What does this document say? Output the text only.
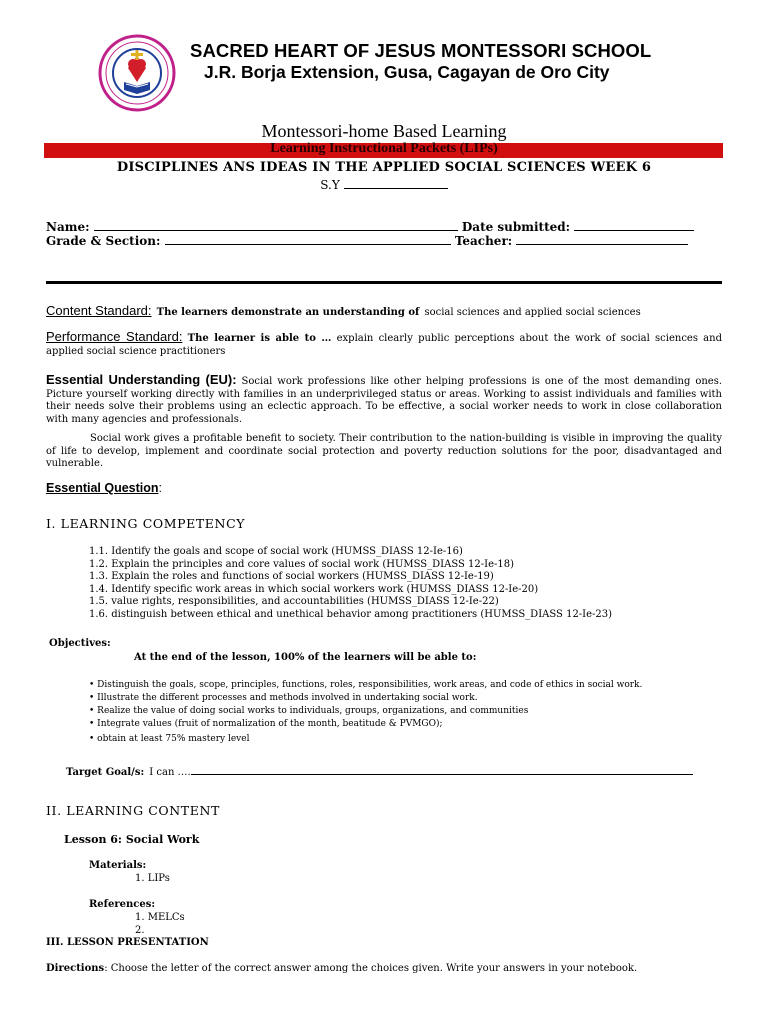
SACRED HEART OF JESUS MONTESSORI SCHOOL
J.R. Borja Extension, Gusa, Cagayan de Oro City
Montessori-home Based Learning
Learning Instructional Packets (LIPs)
DISCIPLINES ANS IDEAS IN THE APPLIED SOCIAL SCIENCES WEEK 6
S.Y
Name:	Date submitted:
Grade & Section:	Teacher:
Content Standard: The learners demonstrate an understanding of social sciences and applied social sciences
Performance Standard: The learner is able to … explain clearly public perceptions about the work of social sciences and applied social science practitioners
Essential Understanding (EU): Social work professions like other helping professions is one of the most demanding ones. Picture yourself working directly with families in an underprivileged status or areas. Working to assist individuals and families with their needs solve their problems using an eclectic approach. To be effective, a social worker needs to work in close collaboration with many agencies and professionals.
Social work gives a profitable benefit to society. Their contribution to the nation-building is visible in improving the quality of life to develop, implement and coordinate social protection and poverty reduction solutions for the poor, disadvantaged and vulnerable.
Essential Question:
I. LEARNING COMPETENCY
1.1. Identify the goals and scope of social work (HUMSS_DIASS 12-Ie-16)
1.2. Explain the principles and core values of social work (HUMSS_DIASS 12-Ie-18)
1.3. Explain the roles and functions of social workers (HUMSS_DIASS 12-Ie-19)
1.4. Identify specific work areas in which social workers work (HUMSS_DIASS 12-Ie-20)
1.5. value rights, responsibilities, and accountabilities (HUMSS_DIASS 12-Ie-22)
1.6. distinguish between ethical and unethical behavior among practitioners (HUMSS_DIASS 12-Ie-23)
Objectives:
At the end of the lesson, 100% of the learners will be able to:
• Distinguish the goals, scope, principles, functions, roles, responsibilities, work areas, and code of ethics in social work.
• Illustrate the different processes and methods involved in undertaking social work.
• Realize the value of doing social works to individuals, groups, organizations, and communities
• Integrate values (fruit of normalization of the month, beatitude & PVMGO);
• obtain at least 75% mastery level
Target Goal/s: I can ….
II. LEARNING CONTENT
Lesson 6: Social Work
Materials:
1. LIPs
References:
1. MELCs
2.
III. LESSON PRESENTATION
Directions: Choose the letter of the correct answer among the choices given. Write your answers in your notebook.
